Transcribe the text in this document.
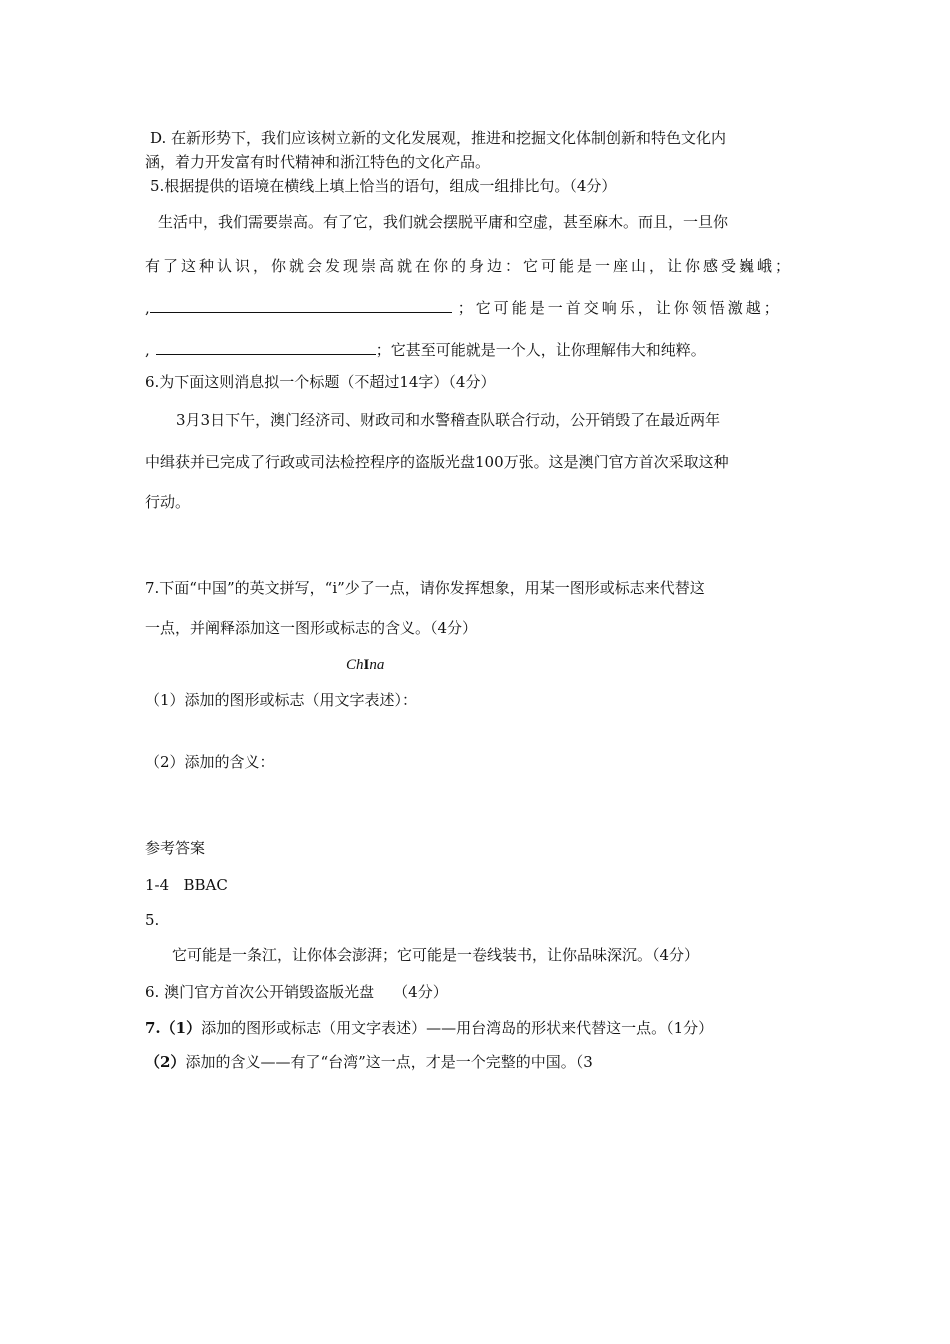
D. 在新形势下，我们应该树立新的文化发展观，推进和挖掘文化体制创新和特色文化内
涵，着力开发富有时代精神和浙江特色的文化产品。
5.根据提供的语境在横线上填上恰当的语句，组成一组排比句。（4分）
生活中，我们需要崇高。有了它，我们就会摆脱平庸和空虚，甚至麻木。而且，一旦你
有了这种认识，你就会发现崇高就在你的身边：它可能是一座山，让你感受巍峨；
,	；它可能是一首交响乐，让你领悟激越；
,	；它甚至可能就是一个人，让你理解伟大和纯粹。
6.为下面这则消息拟一个标题（不超过14字）（4分）
3月3日下午，澳门经济司、财政司和水警稽查队联合行动，公开销毁了在最近两年
中缉获并已完成了行政或司法检控程序的盗版光盘100万张。这是澳门官方首次采取这种
行动。
7.下面“中国”的英文拼写，“i”少了一点，请你发挥想象，用某一图形或标志来代替这
一点，并阐释添加这一图形或标志的含义。（4分）
ChIna
（1）添加的图形或标志（用文字表述）：
（2）添加的含义：
参考答案
1-4   BBAC
5.
它可能是一条江，让你体会澎湃；它可能是一卷线装书，让你品味深沉。（4分）
6. 澳门官方首次公开销毁盗版光盘    （4分）
7.（1）添加的图形或标志（用文字表述）——用台湾岛的形状来代替这一点。（1分）
（2）添加的含义——有了“台湾”这一点，才是一个完整的中国。（3
